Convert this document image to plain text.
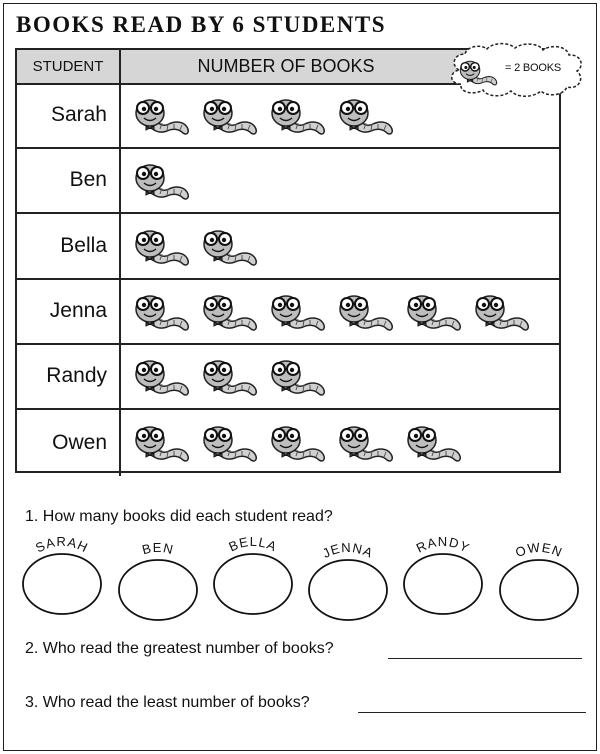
BOOKS READ BY 6 STUDENTS
STUDENT	NUMBER OF BOOKS
Sarah
Ben
Bella
Jenna
Randy
Owen
= 2 BOOKS
1. How many books did each student read?
SARAH	BEN	BELLA	JENNA	RANDY	OWEN
2. Who read the greatest number of books?
3. Who read the least number of books?
